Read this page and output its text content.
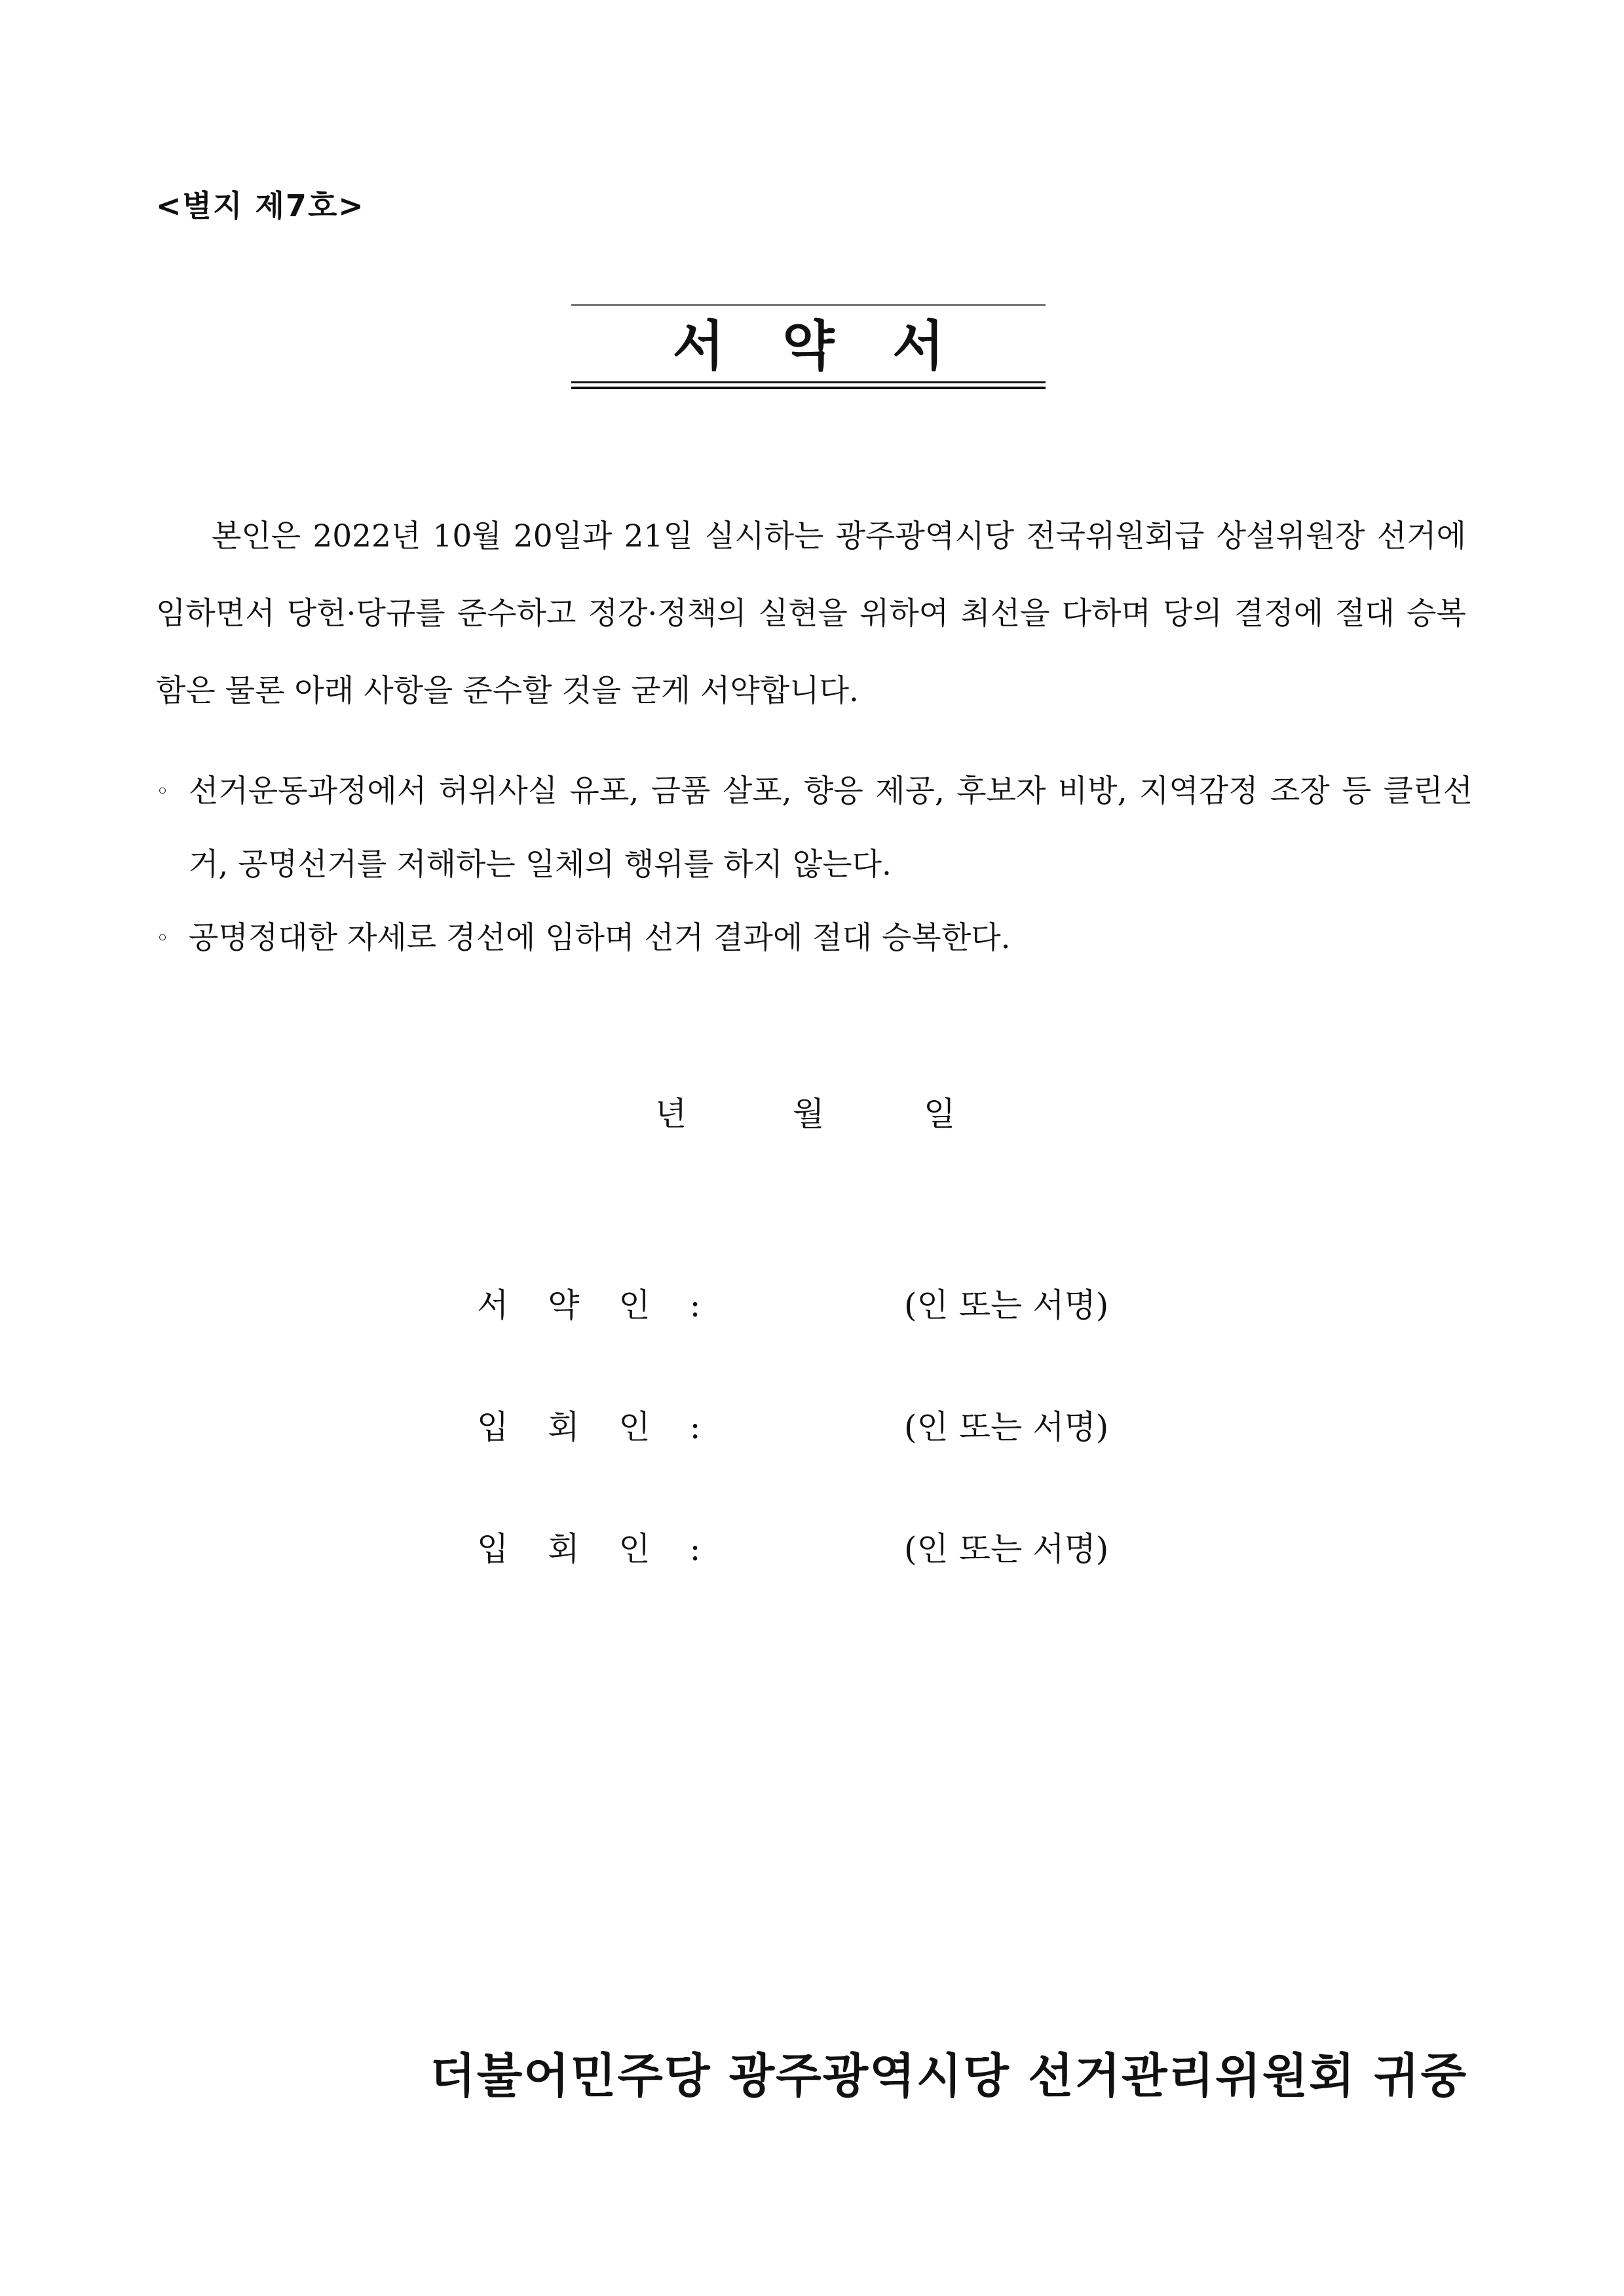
<별지 제7호>
서 약 서

본인은 2022년 10월 20일과 21일 실시하는 광주광역시당 전국위원회급 상설위원장 선거에 임하면서 당헌·당규를 준수하고 정강·정책의 실현을 위하여 최선을 다하며 당의 결정에 절대 승복함은 물론 아래 사항을 준수할 것을 굳게 서약합니다.

◦ 선거운동과정에서 허위사실 유포, 금품 살포, 향응 제공, 후보자 비방, 지역감정 조장 등 클린선거, 공명선거를 저해하는 일체의 행위를 하지 않는다.
◦ 공명정대한 자세로 경선에 임하며 선거 결과에 절대 승복한다.
년	월	일
서 약 인 :	(인 또는 서명)
입 회 인 :	(인 또는 서명)
입 회 인 :	(인 또는 서명)
더불어민주당 광주광역시당 선거관리위원회 귀중
